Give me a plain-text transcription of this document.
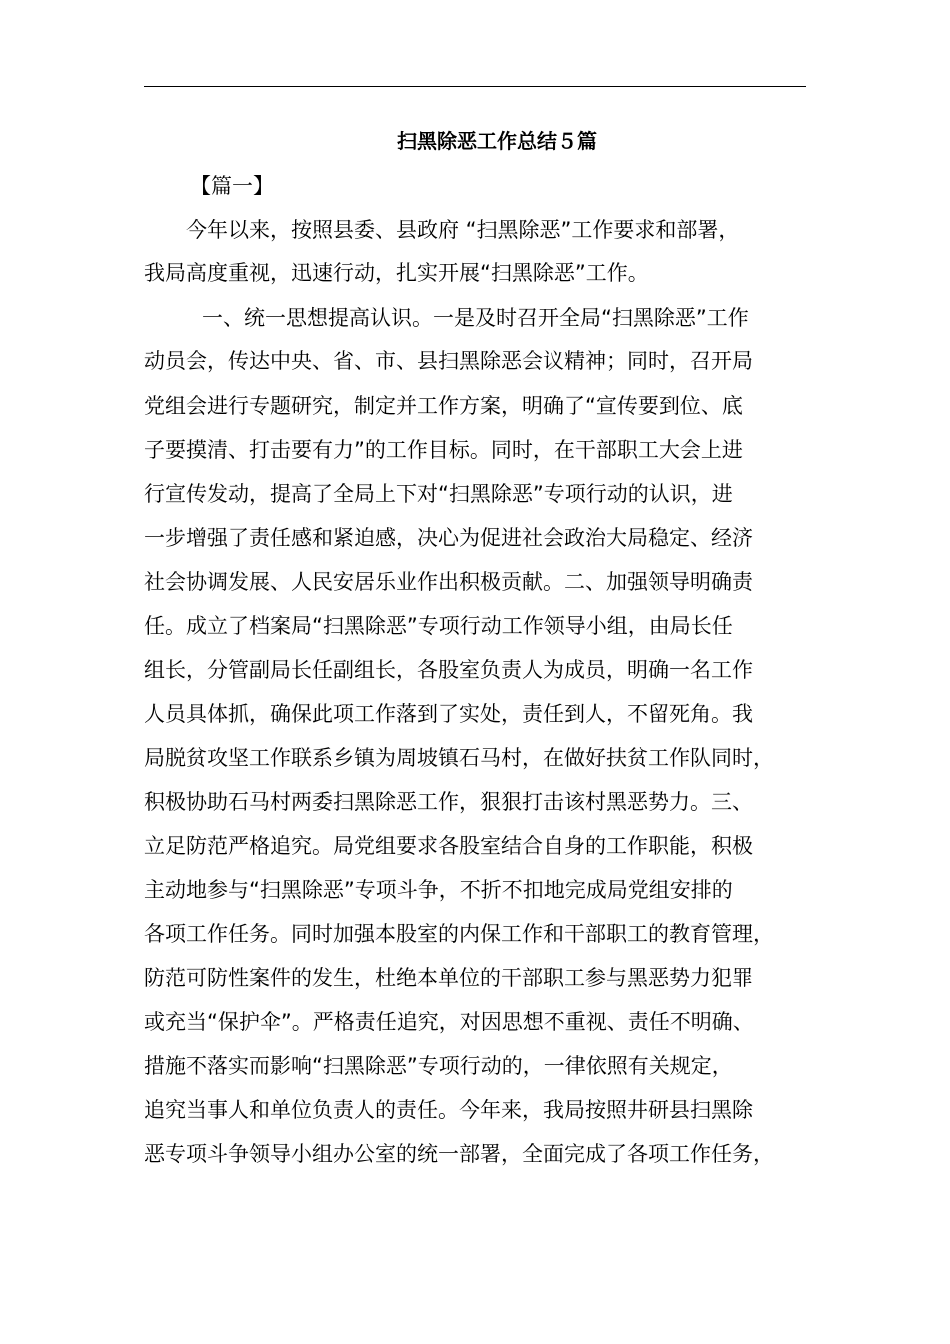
扫黑除恶工作总结５篇
【篇一】
今年以来，按照县委、县政府 “扫黑除恶”工作要求和部署，
我局高度重视，迅速行动，扎实开展“扫黑除恶”工作。
一、统一思想提高认识。一是及时召开全局“扫黑除恶”工作
动员会，传达中央、省、市、县扫黑除恶会议精神；同时，召开局
党组会进行专题研究，制定并工作方案，明确了“宣传要到位、底
子要摸清、打击要有力”的工作目标。同时，在干部职工大会上进
行宣传发动，提高了全局上下对“扫黑除恶”专项行动的认识，进
一步增强了责任感和紧迫感，决心为促进社会政治大局稳定、经济
社会协调发展、人民安居乐业作出积极贡献。二、加强领导明确责
任。成立了档案局“扫黑除恶”专项行动工作领导小组，由局长任
组长，分管副局长任副组长，各股室负责人为成员，明确一名工作
人员具体抓，确保此项工作落到了实处，责任到人，不留死角。我
局脱贫攻坚工作联系乡镇为周坡镇石马村，在做好扶贫工作队同时，
积极协助石马村两委扫黑除恶工作，狠狠打击该村黑恶势力。三、
立足防范严格追究。局党组要求各股室结合自身的工作职能，积极
主动地参与“扫黑除恶”专项斗争，不折不扣地完成局党组安排的
各项工作任务。同时加强本股室的内保工作和干部职工的教育管理，
防范可防性案件的发生，杜绝本单位的干部职工参与黑恶势力犯罪
或充当“保护伞”。严格责任追究，对因思想不重视、责任不明确、
措施不落实而影响“扫黑除恶”专项行动的，一律依照有关规定，
追究当事人和单位负责人的责任。今年来，我局按照井研县扫黑除
恶专项斗争领导小组办公室的统一部署，全面完成了各项工作任务，
